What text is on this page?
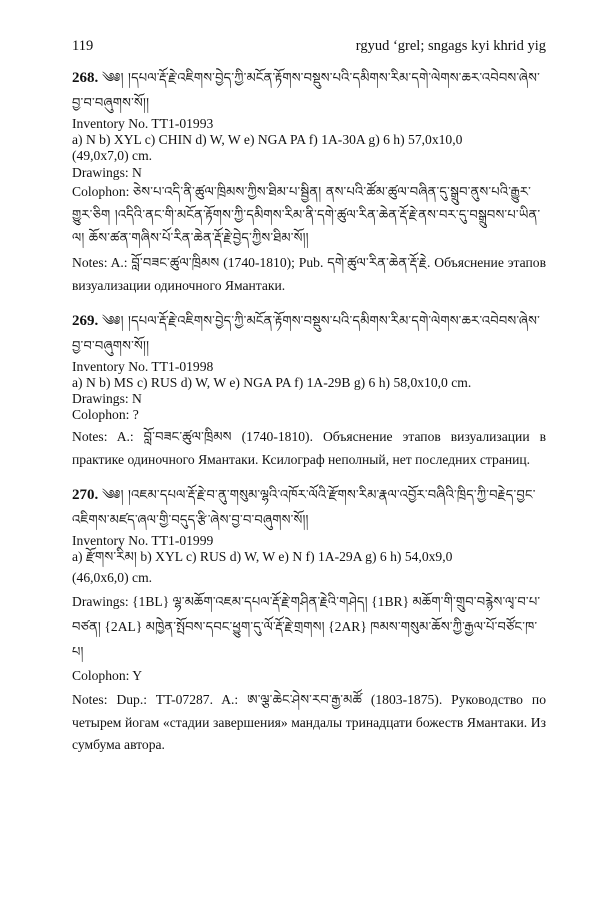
119	rgyud ‘grel; sngags kyi khrid yig
268. ༄༅། །དཔལ་རྡོ་རྗེ་འཇིགས་བྱེད་ཀྱི་མངོན་རྟོགས་བསྡུས་པའི་དམིགས་རིམ་དགེ་ལེགས་ཆར་འབེབས་ཞེས་བྱ་བ་བཞུགས་སོ།།

Inventory No. TT1-01993

a) N b) XYL c) CHIN d) W, W e) NGA PA f) 1A-30A g) 6 h) 57,0x10,0

(49,0x7,0) cm.

Drawings: N

Colophon: ཅེས་པ་འདི་ནི་ཚུལ་ཁྲིམས་ཀྱིས་ཐིམ་པ་སྦྱིན། ནས་པའི་ཚོམ་ཚུལ་བཞིན་དུ་སྒྲུབ་ནུས་པའི་རྒྱུར་གྱུར་ཅིག །འདིའི་ནང་གི་མངོན་རྟོགས་ཀྱི་དམིགས་རིམ་ནི་དགེ་ཚུལ་རིན་ཆེན་རྡོ་རྗེ་ནས་བར་དུ་བསྒྲུབས་པ་ཡིན་ལ། ཆོས་ཚན་གཞིས་པོ་རིན་ཆེན་རྡོ་རྗེ་བྱེད་ཀྱིས་ཐིམ་སོ།།

Notes: A.: བློ་བཟང་ཚུལ་ཁྲིམས (1740-1810); Pub. དགེ་ཚུལ་རིན་ཆེན་རྡོ་རྗེ. Объяснение этапов визуализации одиночного Ямантаки.

269. ༄༅། །དཔལ་རྡོ་རྗེ་འཇིགས་བྱེད་ཀྱི་མངོན་རྟོགས་བསྡུས་པའི་དམིགས་རིམ་དགེ་ལེགས་ཆར་འབེབས་ཞེས་བྱ་བ་བཞུགས་སོ།།

Inventory No. TT1-01998

a) N b) MS c) RUS d) W, W e) NGA PA f) 1A-29B g) 6 h) 58,0x10,0 cm.

Drawings: N

Colophon: ?

Notes: A.: བློ་བཟང་ཚུལ་ཁྲིམས (1740-1810). Объяснение этапов визуализации в практике одиночного Ямантаки. Ксилограф неполный, нет последних страниц.

270. ༄༅། །འཇམ་དཔལ་རྡོ་རྗེ་བ་ནུ་གསུམ་ལྷའི་འཁོར་ལོའི་རྫོགས་རིམ་རྣལ་འབྱོར་བཞིའི་ཁྲིད་ཀྱི་བརྗེད་བྱང་འཇིགས་མཛད་ཞལ་གྱི་བདུད་རྩི་ཞེས་བྱ་བ་བཞུགས་སོ།།

Inventory No. TT1-01999

a) རྫོགས་རིམ། b) XYL c) RUS d) W, W e) N f) 1A-29A g) 6 h) 54,0x9,0

(46,0x6,0) cm.

Drawings: {1BL} ལྷ་མཆོག་འཇམ་དཔལ་རྡོ་རྗེ་གཤིན་རྗེའི་གཤེད། {1BR} མཆོག་གི་གྲུབ་བརྙེས་ལྭ་བ་པ་བཙན། {2AL} མཁྱེན་སྤོབས་དབང་ཕྱུག་དུ་ལོ་རྡོ་རྗེ་གྲགས། {2AR} ཁམས་གསུམ་ཆོས་ཀྱི་རྒྱལ་པོ་བཙོང་ཁ་པ།

Colophon: Y

Notes: Dup.: TT-07287. A.: ཨ་ལྕ་ཆེང་ཤེས་རབ་རྒྱ་མཚོ (1803-1875). Руководство по четырем йогам «стадии завершения» мандалы тринадцати божеств Ямантаки. Из сумбума автора.
